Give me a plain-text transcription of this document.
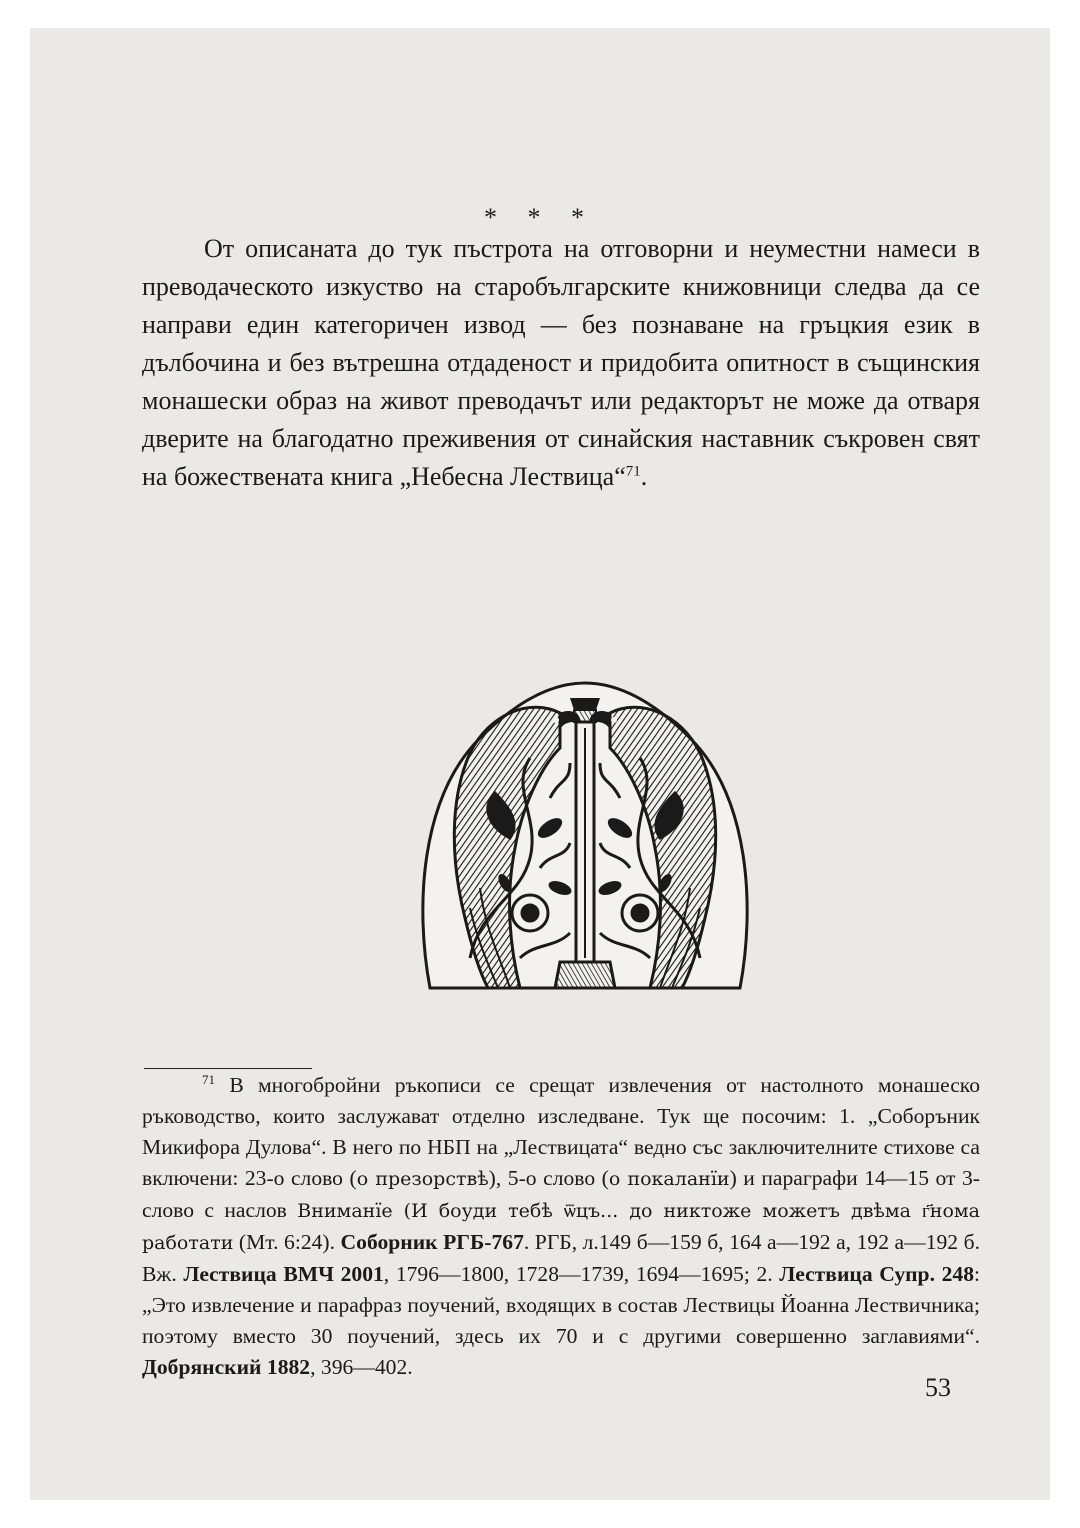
* * *
От описаната до тук пъстрота на отговорни и неуместни намеси в преводаческото изкуство на старобългарските книжовници следва да се направи един категоричен извод — без познаване на гръцкия език в дълбочина и без вътрешна отдаденост и придобита опитност в същинския монашески образ на живот преводачът или редакторът не може да отваря дверите на благодатно преживения от синайския наставник съкровен свят на божествената книга „Небесна Лествица“$^{71}$.

$^{71}$ В многобройни ръкописи се срещат извлечения от настолното монашеско ръководство, които заслужават отделно изследване. Тук ще посочим: 1. „Соборъник Микифора Дулова“. В него по НБП на „Лествицата“ ведно със заключителните стихове са включени: 23-о слово (о презорствѣ), 5-о слово (о покаланїи) и параграфи 14—15 от 3-слово с наслов Вниманїе (И боуди тебѣ ѿцъ... до никтоже можетъ двѣма г҃нома работати (Мт. 6:24). Соборник РГБ-767. РГБ, л.149 б—159 б, 164 а—192 а, 192 а—192 б. Вж. Лествица ВМЧ 2001, 1796—1800, 1728—1739, 1694—1695; 2. Лествица Супр. 248: „Это извлечение и парафраз поучений, входящих в состав Лествицы Йоанна Лествичника; поэтому вместо 30 поучений, здесь их 70 и с другими совершенно заглавиями“. Добрянский 1882, 396—402.

53
